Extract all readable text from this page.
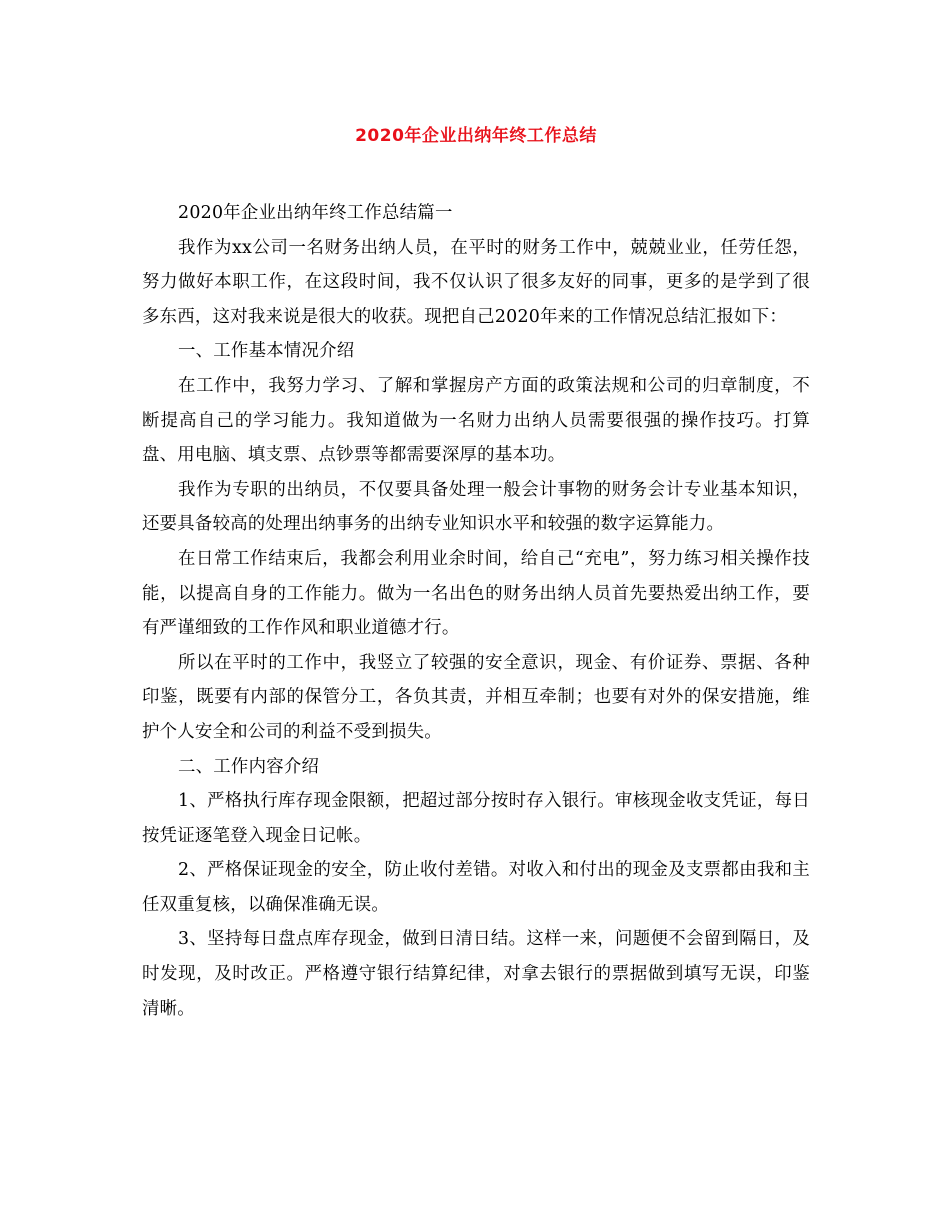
2020年企业出纳年终工作总结

2020年企业出纳年终工作总结篇一

我作为xx公司一名财务出纳人员，在平时的财务工作中，兢兢业业，任劳任怨，努力做好本职工作，在这段时间，我不仅认识了很多友好的同事，更多的是学到了很多东西，这对我来说是很大的收获。现把自己2020年来的工作情况总结汇报如下：

一、工作基本情况介绍

在工作中，我努力学习、了解和掌握房产方面的政策法规和公司的归章制度，不断提高自己的学习能力。我知道做为一名财力出纳人员需要很强的操作技巧。打算盘、用电脑、填支票、点钞票等都需要深厚的基本功。

我作为专职的出纳员，不仅要具备处理一般会计事物的财务会计专业基本知识，还要具备较高的处理出纳事务的出纳专业知识水平和较强的数字运算能力。

在日常工作结束后，我都会利用业余时间，给自己“充电”，努力练习相关操作技能，以提高自身的工作能力。做为一名出色的财务出纳人员首先要热爱出纳工作，要有严谨细致的工作作风和职业道德才行。

所以在平时的工作中，我竖立了较强的安全意识，现金、有价证券、票据、各种印鉴，既要有内部的保管分工，各负其责，并相互牵制；也要有对外的保安措施，维护个人安全和公司的利益不受到损失。

二、工作内容介绍

1、严格执行库存现金限额，把超过部分按时存入银行。审核现金收支凭证，每日按凭证逐笔登入现金日记帐。

2、严格保证现金的安全，防止收付差错。对收入和付出的现金及支票都由我和主任双重复核，以确保准确无误。

3、坚持每日盘点库存现金，做到日清日结。这样一来，问题便不会留到隔日，及时发现，及时改正。严格遵守银行结算纪律，对拿去银行的票据做到填写无误，印鉴清晰。
